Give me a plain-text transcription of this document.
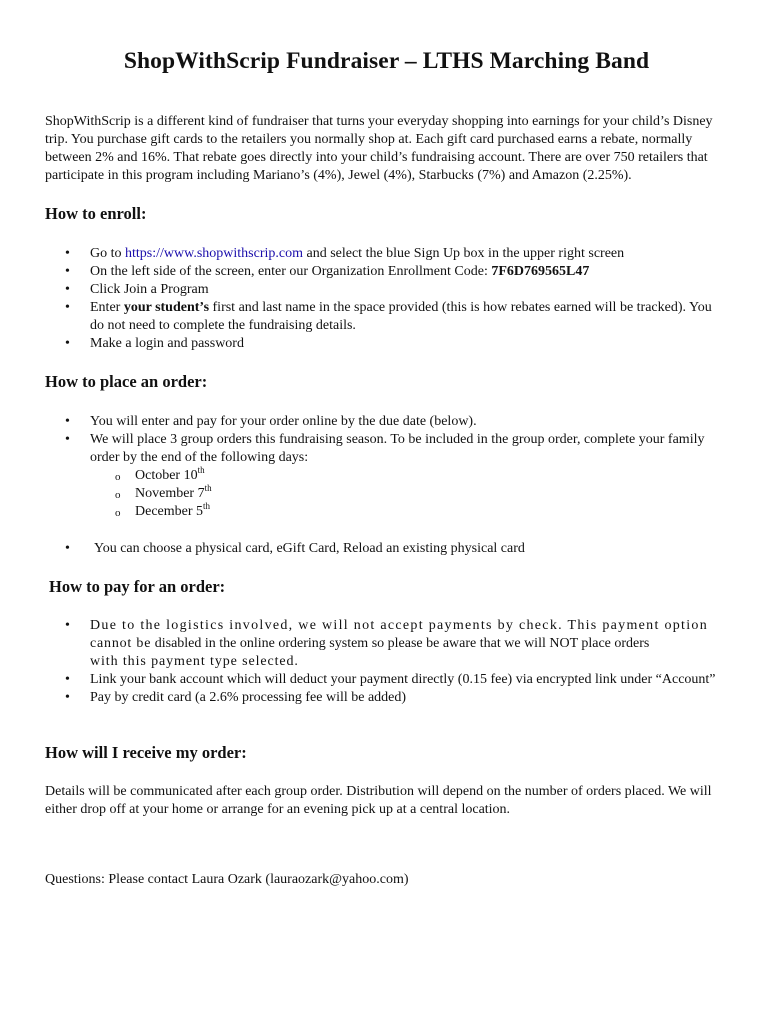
ShopWithScrip Fundraiser – LTHS Marching Band

ShopWithScrip is a different kind of fundraiser that turns your everyday shopping into earnings for your child’s Disney trip. You purchase gift cards to the retailers you normally shop at. Each gift card purchased earns a rebate, normally between 2% and 16%. That rebate goes directly into your child’s fundraising account. There are over 750 retailers that participate in this program including Mariano’s (4%), Jewel (4%), Starbucks (7%) and Amazon (2.25%).

How to enroll:
• Go to https://www.shopwithscrip.com and select the blue Sign Up box in the upper right screen
• On the left side of the screen, enter our Organization Enrollment Code: 7F6D769565L47
• Click Join a Program
• Enter your student’s first and last name in the space provided (this is how rebates earned will be tracked). You do not need to complete the fundraising details.
• Make a login and password
How to place an order:
• You will enter and pay for your order online by the due date (below).
• We will place 3 group orders this fundraising season. To be included in the group order, complete your family order by the end of the following days:
o October 10th
o November 7th
o December 5th
• You can choose a physical card, eGift Card, Reload an existing physical card
How to pay for an order:
• Due to the logistics involved, we will not accept payments by check. This payment option
cannot be disabled in the online ordering system so please be aware that we will NOT place orders
with this payment type selected.
• Link your bank account which will deduct your payment directly (0.15 fee) via encrypted link under “Account”
• Pay by credit card (a 2.6% processing fee will be added)
How will I receive my order:

Details will be communicated after each group order. Distribution will depend on the number of orders placed. We will either drop off at your home or arrange for an evening pick up at a central location.

Questions: Please contact Laura Ozark (lauraozark@yahoo.com)
